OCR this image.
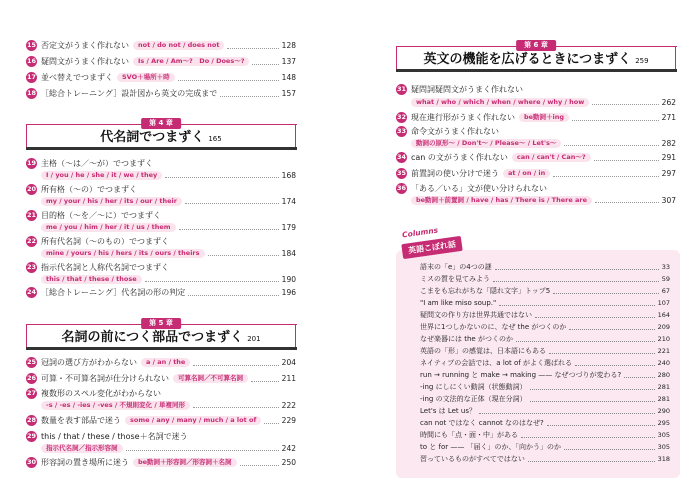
15 否定文がうまく作れない	not / do not / does not	128
16 疑問文がうまく作れない	Is / Are / Am～?　Do / Does～?	137
17 並べ替えでつまずく	SVO＋場所＋時	148
18 ［総合トレーニング］設計図から英文の完成まで	157
第 4 章
代名詞でつまずく 165
19 主格（～は／～が）でつまずく
I / you / he / she / it / we / they	168
20 所有格（～の）でつまずく
my / your / his / her / its / our / their	174
21 目的格（～を／～に）でつまずく
me / you / him / her / it / us / them	179
22 所有代名詞（～のもの）でつまずく
mine / yours / his / hers / its / ours / theirs	184
23 指示代名詞と人称代名詞でつまずく
this / that / these / those	190
24 ［総合トレーニング］代名詞の形の判定	196
第 5 章
名詞の前につく部品でつまずく 201
25 冠詞の選び方がわからない	a / an / the	204
26 可算・不可算名詞が仕分けられない	可算名詞／不可算名詞	211
27 複数形のスペル変化がわからない
-s / -es / -ies / -ves / 不規則変化 / 単複同形	222
28 数量を表す部品で迷う	some / any / many / much / a lot of	229
29 this / that / these / those＋名詞で迷う
指示代名詞／指示形容詞	242
30 形容詞の置き場所に迷う	be動詞＋形容詞／形容詞＋名詞	250
第 6 章
英文の機能を広げるときにつまずく 259
31 疑問詞疑問文がうまく作れない
what / who / which / when / where / why / how	262
32 現在進行形がうまく作れない	be動詞＋ing	271
33 命令文がうまく作れない
動詞の原形～ / Don't～ / Please～ / Let's～	282
34 can の文がうまく作れない	can / can't / Can～?	291
35 前置詞の使い分けで迷う	at / on / in	297
36 「ある／いる」文が使い分けられない
be動詞＋前置詞 / have / has / There is / There are	307
Columns
英語こぼれ話
語末の「e」の4つの謎	33
ミスの質を見てみよう	59
こまをも忘れがちな「隠れ文字」トップ5	67
"I am like miso soup."	107
疑問文の作り方は世界共通ではない	164
世界に1つしかないのに、なぜ the がつくのか	209
なぜ楽器には the がつくのか	210
英語の「形」の感覚は、日本語にもある	221
ネイティブの会話では、a lot of がよく選ばれる	240
run → running と make → making —— なぜつづりが変わる?	280
-ing にしにくい動詞（状態動詞）	281
-ing の文法的な正体（現在分詞）	281
Let's は Let us？	290
can not ではなく cannot なのはなぜ?	295
時間にも「点・面・中」がある	305
to と for —— 「届く」のか、「向かう」のか	305
習っているものがすべてではない	318
